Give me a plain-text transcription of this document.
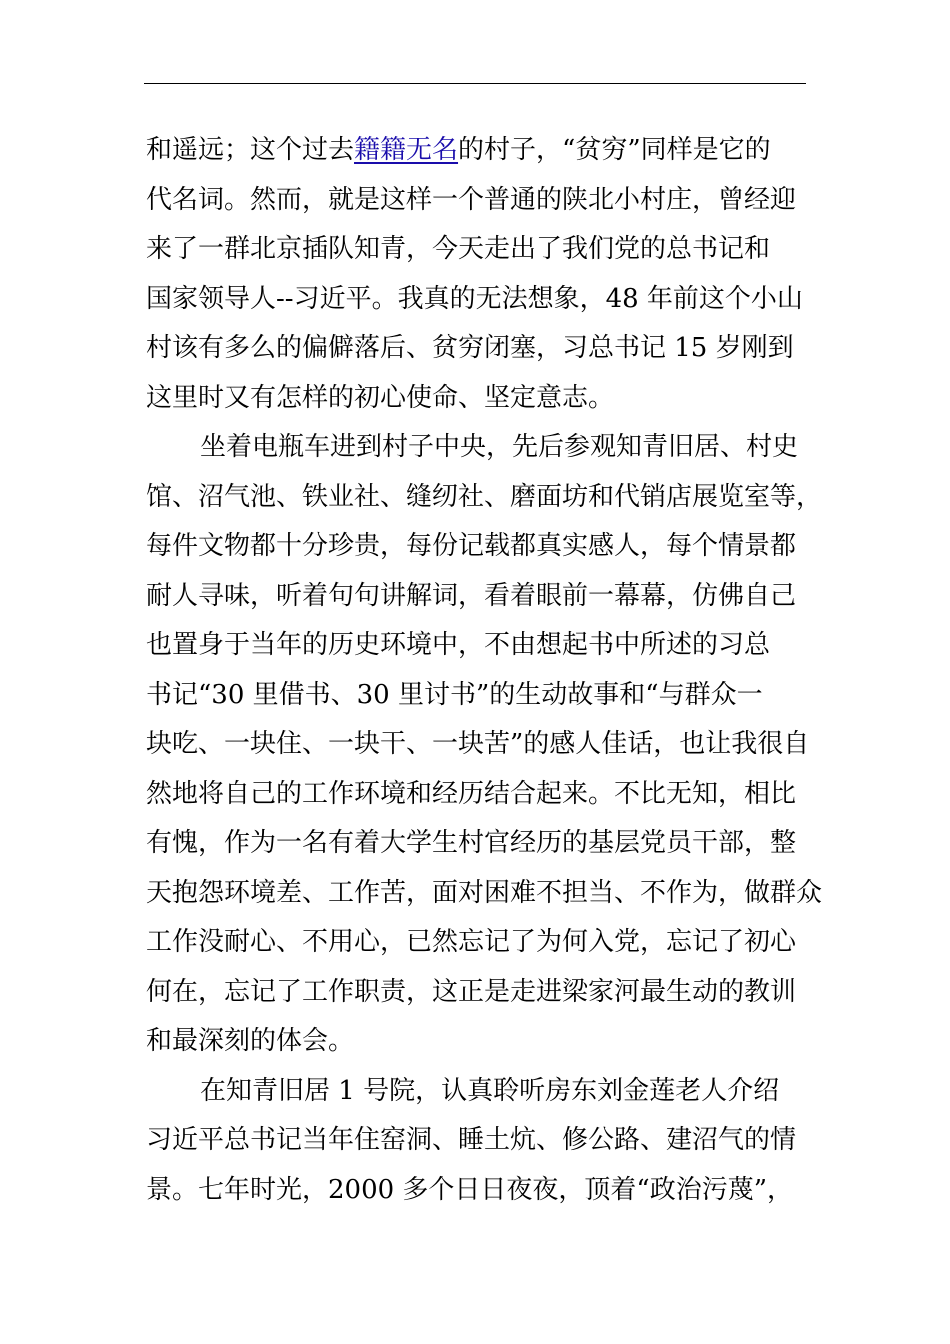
和遥远；这个过去籍籍无名的村子，“贫穷”同样是它的
代名词。然而，就是这样一个普通的陕北小村庄，曾经迎
来了一群北京插队知青，今天走出了我们党的总书记和
国家领导人--习近平。我真的无法想象，48 年前这个小山
村该有多么的偏僻落后、贫穷闭塞，习总书记 15 岁刚到
这里时又有怎样的初心使命、坚定意志。
坐着电瓶车进到村子中央，先后参观知青旧居、村史
馆、沼气池、铁业社、缝纫社、磨面坊和代销店展览室等，
每件文物都十分珍贵，每份记载都真实感人，每个情景都
耐人寻味，听着句句讲解词，看着眼前一幕幕，仿佛自己
也置身于当年的历史环境中，不由想起书中所述的习总
书记“30 里借书、30 里讨书”的生动故事和“与群众一
块吃、一块住、一块干、一块苦”的感人佳话，也让我很自
然地将自己的工作环境和经历结合起来。不比无知，相比
有愧，作为一名有着大学生村官经历的基层党员干部，整
天抱怨环境差、工作苦，面对困难不担当、不作为，做群众
工作没耐心、不用心，已然忘记了为何入党，忘记了初心
何在，忘记了工作职责，这正是走进梁家河最生动的教训
和最深刻的体会。
在知青旧居 1 号院，认真聆听房东刘金莲老人介绍
习近平总书记当年住窑洞、睡土炕、修公路、建沼气的情
景。七年时光，2000 多个日日夜夜，顶着“政治污蔑”，
